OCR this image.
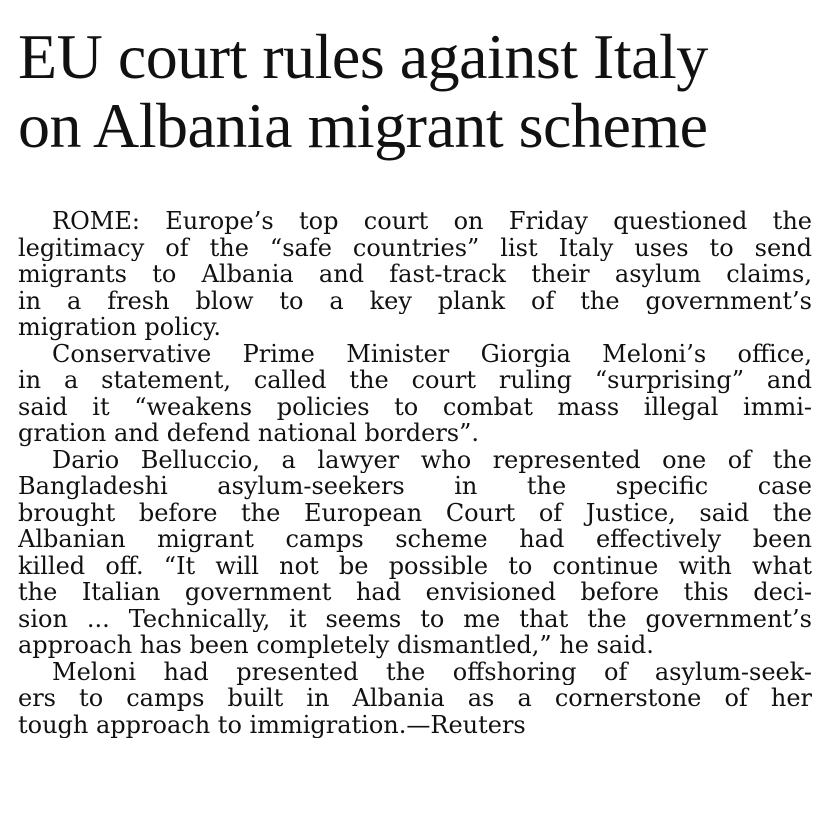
EU court rules against Italy
on Albania migrant scheme

ROME: Europe’s top court on Friday questioned the
legitimacy of the “safe countries” list Italy uses to send
migrants to Albania and fast-track their asylum claims,
in a fresh blow to a key plank of the government’s
migration policy.

Conservative Prime Minister Giorgia Meloni’s office,
in a statement, called the court ruling “surprising” and
said it “weakens policies to combat mass illegal immi-
gration and defend national borders”.

Dario Belluccio, a lawyer who represented one of the
Bangladeshi asylum-seekers in the specific case
brought before the European Court of Justice, said the
Albanian migrant camps scheme had effectively been
killed off. “It will not be possible to continue with what
the Italian government had envisioned before this deci-
sion ... Technically, it seems to me that the government’s
approach has been completely dismantled,” he said.

Meloni had presented the offshoring of asylum-seek-
ers to camps built in Albania as a cornerstone of her
tough approach to immigration.—Reuters
